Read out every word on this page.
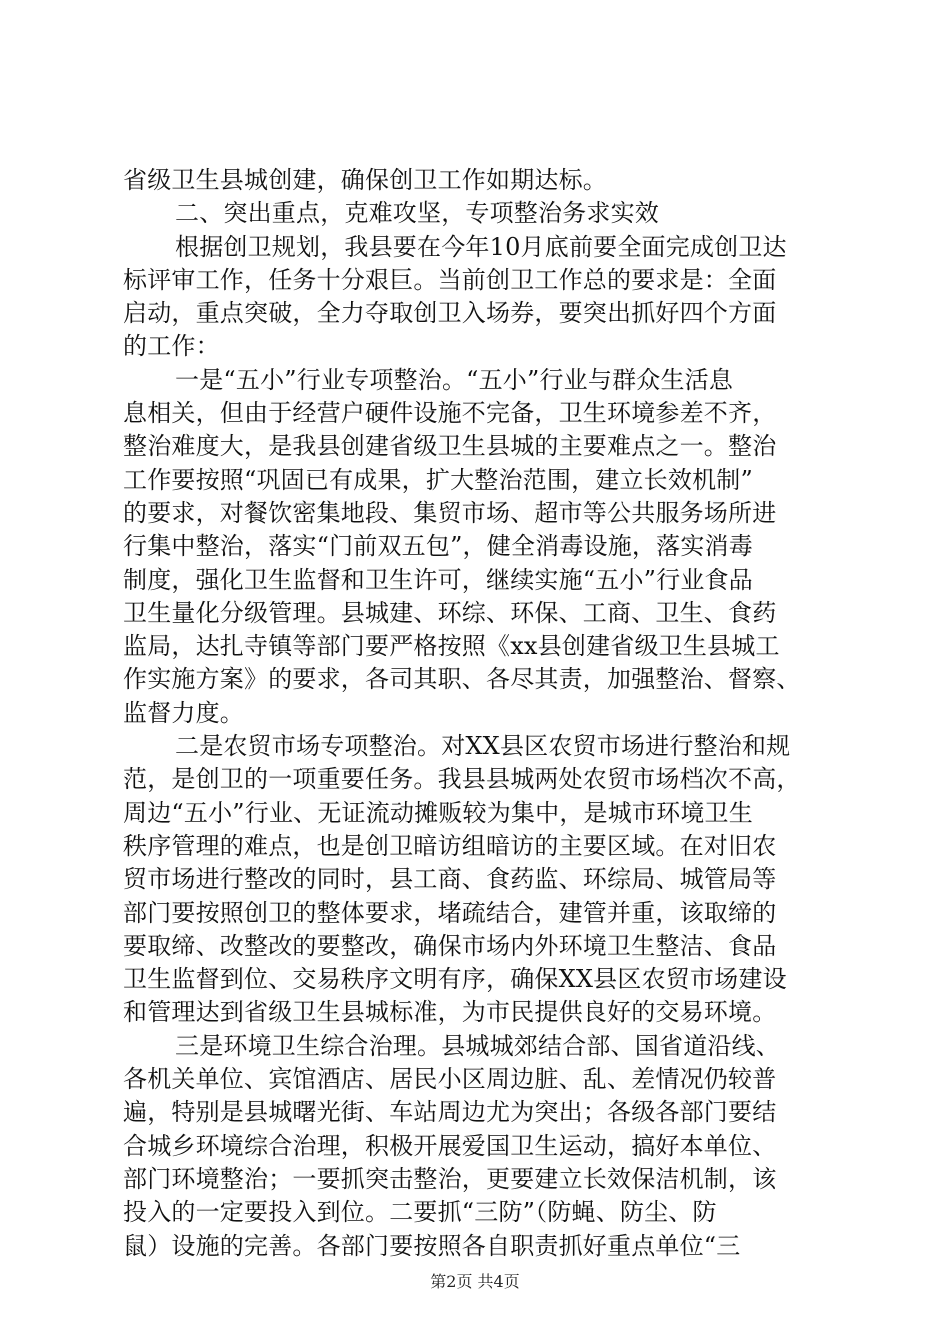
省级卫生县城创建，确保创卫工作如期达标。
二、突出重点，克难攻坚，专项整治务求实效
根据创卫规划，我县要在今年10月底前要全面完成创卫达
标评审工作，任务十分艰巨。当前创卫工作总的要求是：全面
启动，重点突破，全力夺取创卫入场券，要突出抓好四个方面
的工作：
一是“五小”行业专项整治。“五小”行业与群众生活息
息相关，但由于经营户硬件设施不完备，卫生环境参差不齐，
整治难度大，是我县创建省级卫生县城的主要难点之一。整治
工作要按照“巩固已有成果，扩大整治范围，建立长效机制”
的要求，对餐饮密集地段、集贸市场、超市等公共服务场所进
行集中整治，落实“门前双五包”，健全消毒设施，落实消毒
制度，强化卫生监督和卫生许可，继续实施“五小”行业食品
卫生量化分级管理。县城建、环综、环保、工商、卫生、食药
监局，达扎寺镇等部门要严格按照《xx县创建省级卫生县城工
作实施方案》的要求，各司其职、各尽其责，加强整治、督察、
监督力度。
二是农贸市场专项整治。对XX县区农贸市场进行整治和规
范，是创卫的一项重要任务。我县县城两处农贸市场档次不高，
周边“五小”行业、无证流动摊贩较为集中，是城市环境卫生
秩序管理的难点，也是创卫暗访组暗访的主要区域。在对旧农
贸市场进行整改的同时，县工商、食药监、环综局、城管局等
部门要按照创卫的整体要求，堵疏结合，建管并重，该取缔的
要取缔、改整改的要整改，确保市场内外环境卫生整洁、食品
卫生监督到位、交易秩序文明有序，确保XX县区农贸市场建设
和管理达到省级卫生县城标准，为市民提供良好的交易环境。
三是环境卫生综合治理。县城城郊结合部、国省道沿线、
各机关单位、宾馆酒店、居民小区周边脏、乱、差情况仍较普
遍，特别是县城曙光街、车站周边尤为突出；各级各部门要结
合城乡环境综合治理，积极开展爱国卫生运动，搞好本单位、
部门环境整治；一要抓突击整治，更要建立长效保洁机制，该
投入的一定要投入到位。二要抓“三防”（防蝇、防尘、防
鼠）设施的完善。各部门要按照各自职责抓好重点单位“三
第2页 共4页
